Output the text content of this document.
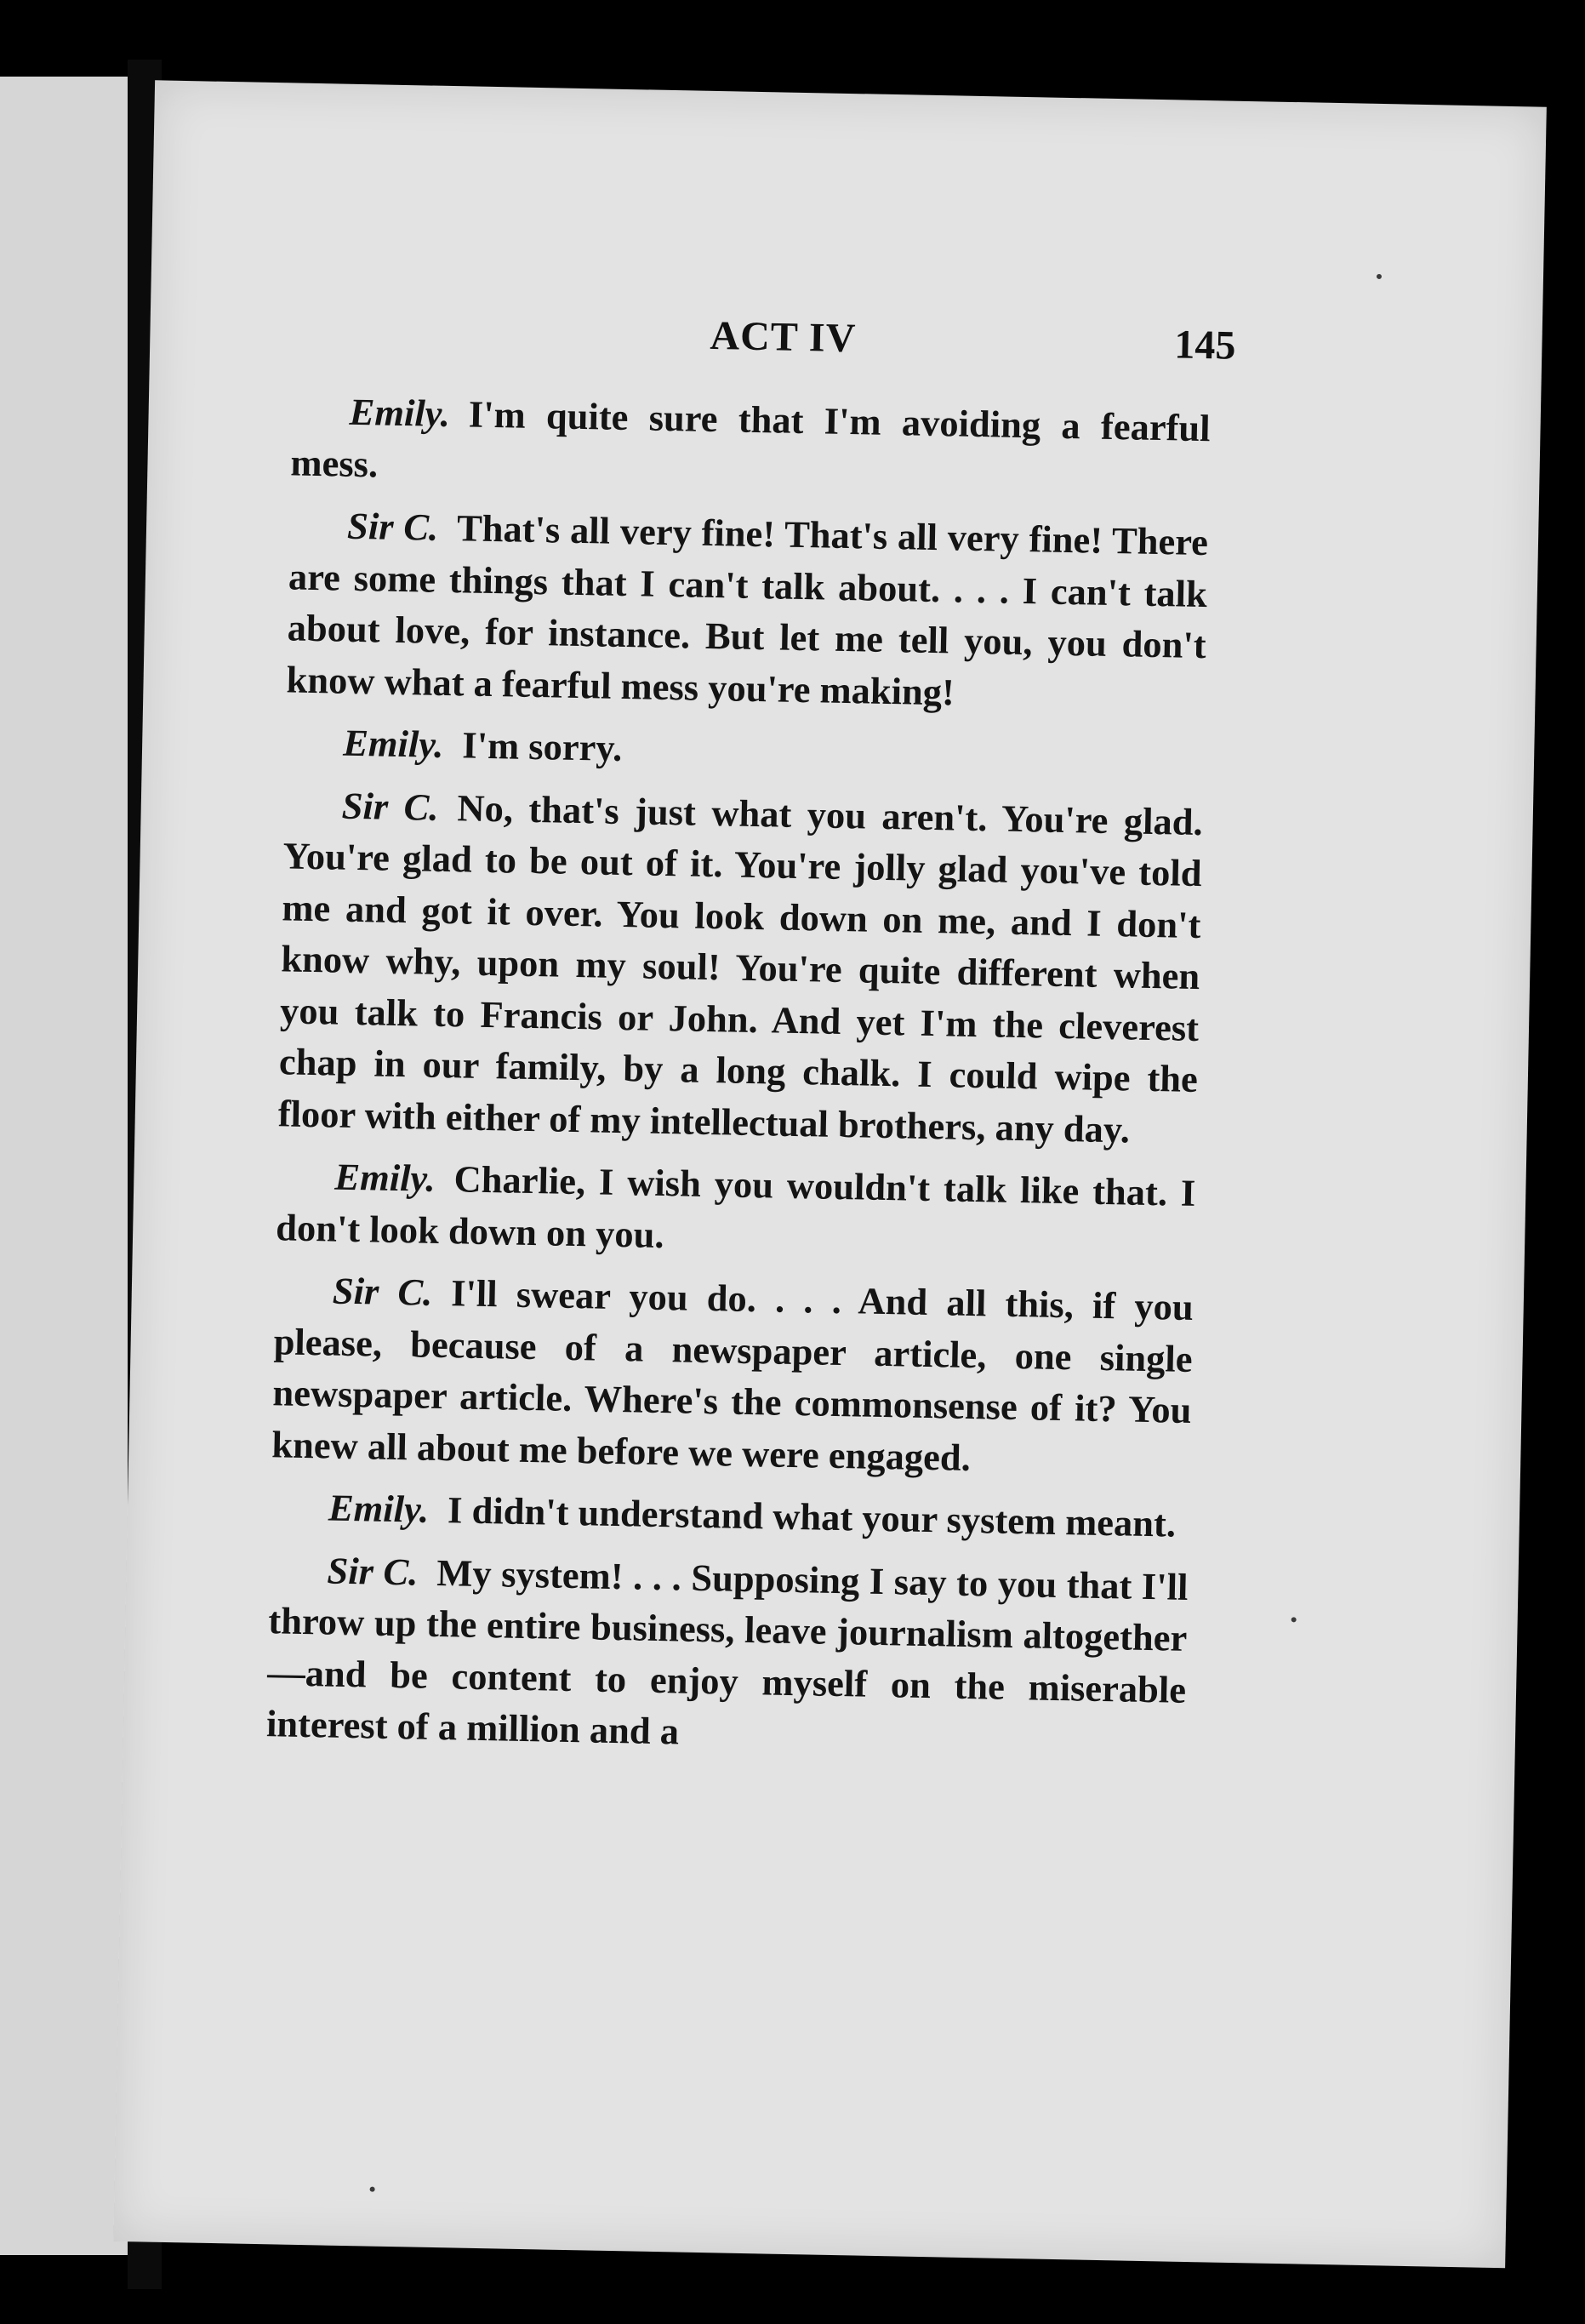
ACT IV	145

Emily. I'm quite sure that I'm avoiding a fearful mess.

Sir C. That's all very fine! That's all very fine! There are some things that I can't talk about. . . . I can't talk about love, for instance. But let me tell you, you don't know what a fearful mess you're making!

Emily. I'm sorry.

Sir C. No, that's just what you aren't. You're glad. You're glad to be out of it. You're jolly glad you've told me and got it over. You look down on me, and I don't know why, upon my soul! You're quite different when you talk to Francis or John. And yet I'm the cleverest chap in our family, by a long chalk. I could wipe the floor with either of my intellectual brothers, any day.

Emily. Charlie, I wish you wouldn't talk like that. I don't look down on you.

Sir C. I'll swear you do. . . . And all this, if you please, because of a newspaper article, one single newspaper article. Where's the commonsense of it? You knew all about me before we were engaged.

Emily. I didn't understand what your system meant.

Sir C. My system! . . . Supposing I say to you that I'll throw up the entire business, leave journalism altogether—and be content to enjoy myself on the miserable interest of a million and a
